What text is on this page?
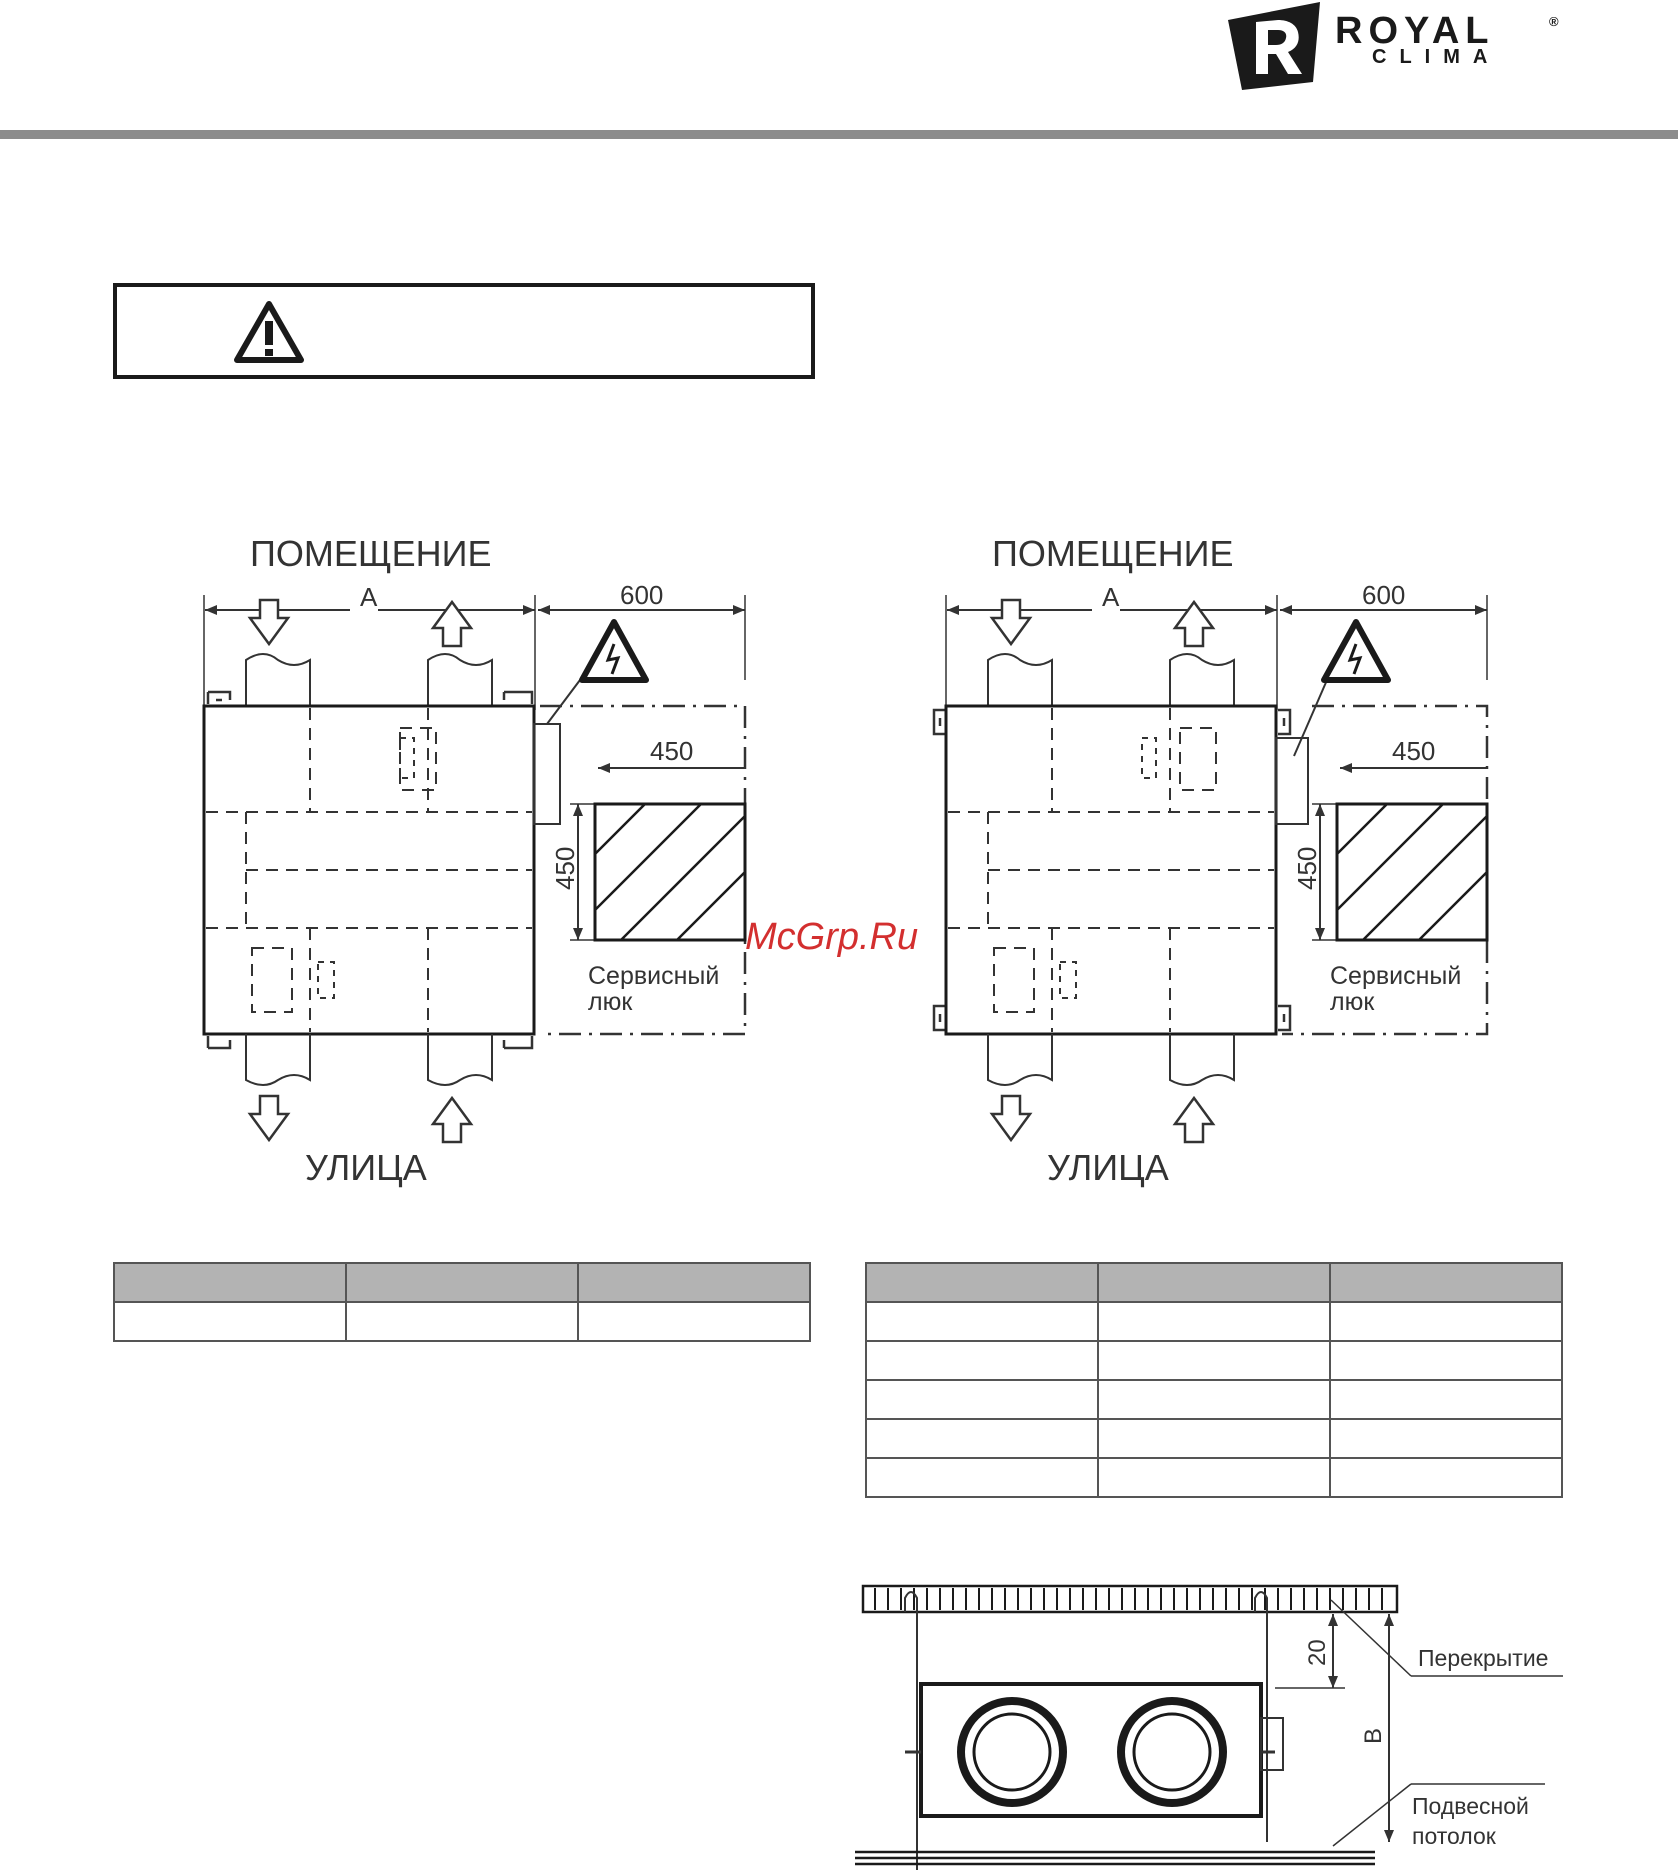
ROYAL	®
CLIMA
ПОМЕЩЕНИЕ
A	600
УЛИЦА
450
450
Сервисный
люк
McGrp.Ru
ПОМЕЩЕНИЕ
A	600
УЛИЦА
450
450
Сервисный
люк

20
B
Перекрытие
Подвесной
потолок
